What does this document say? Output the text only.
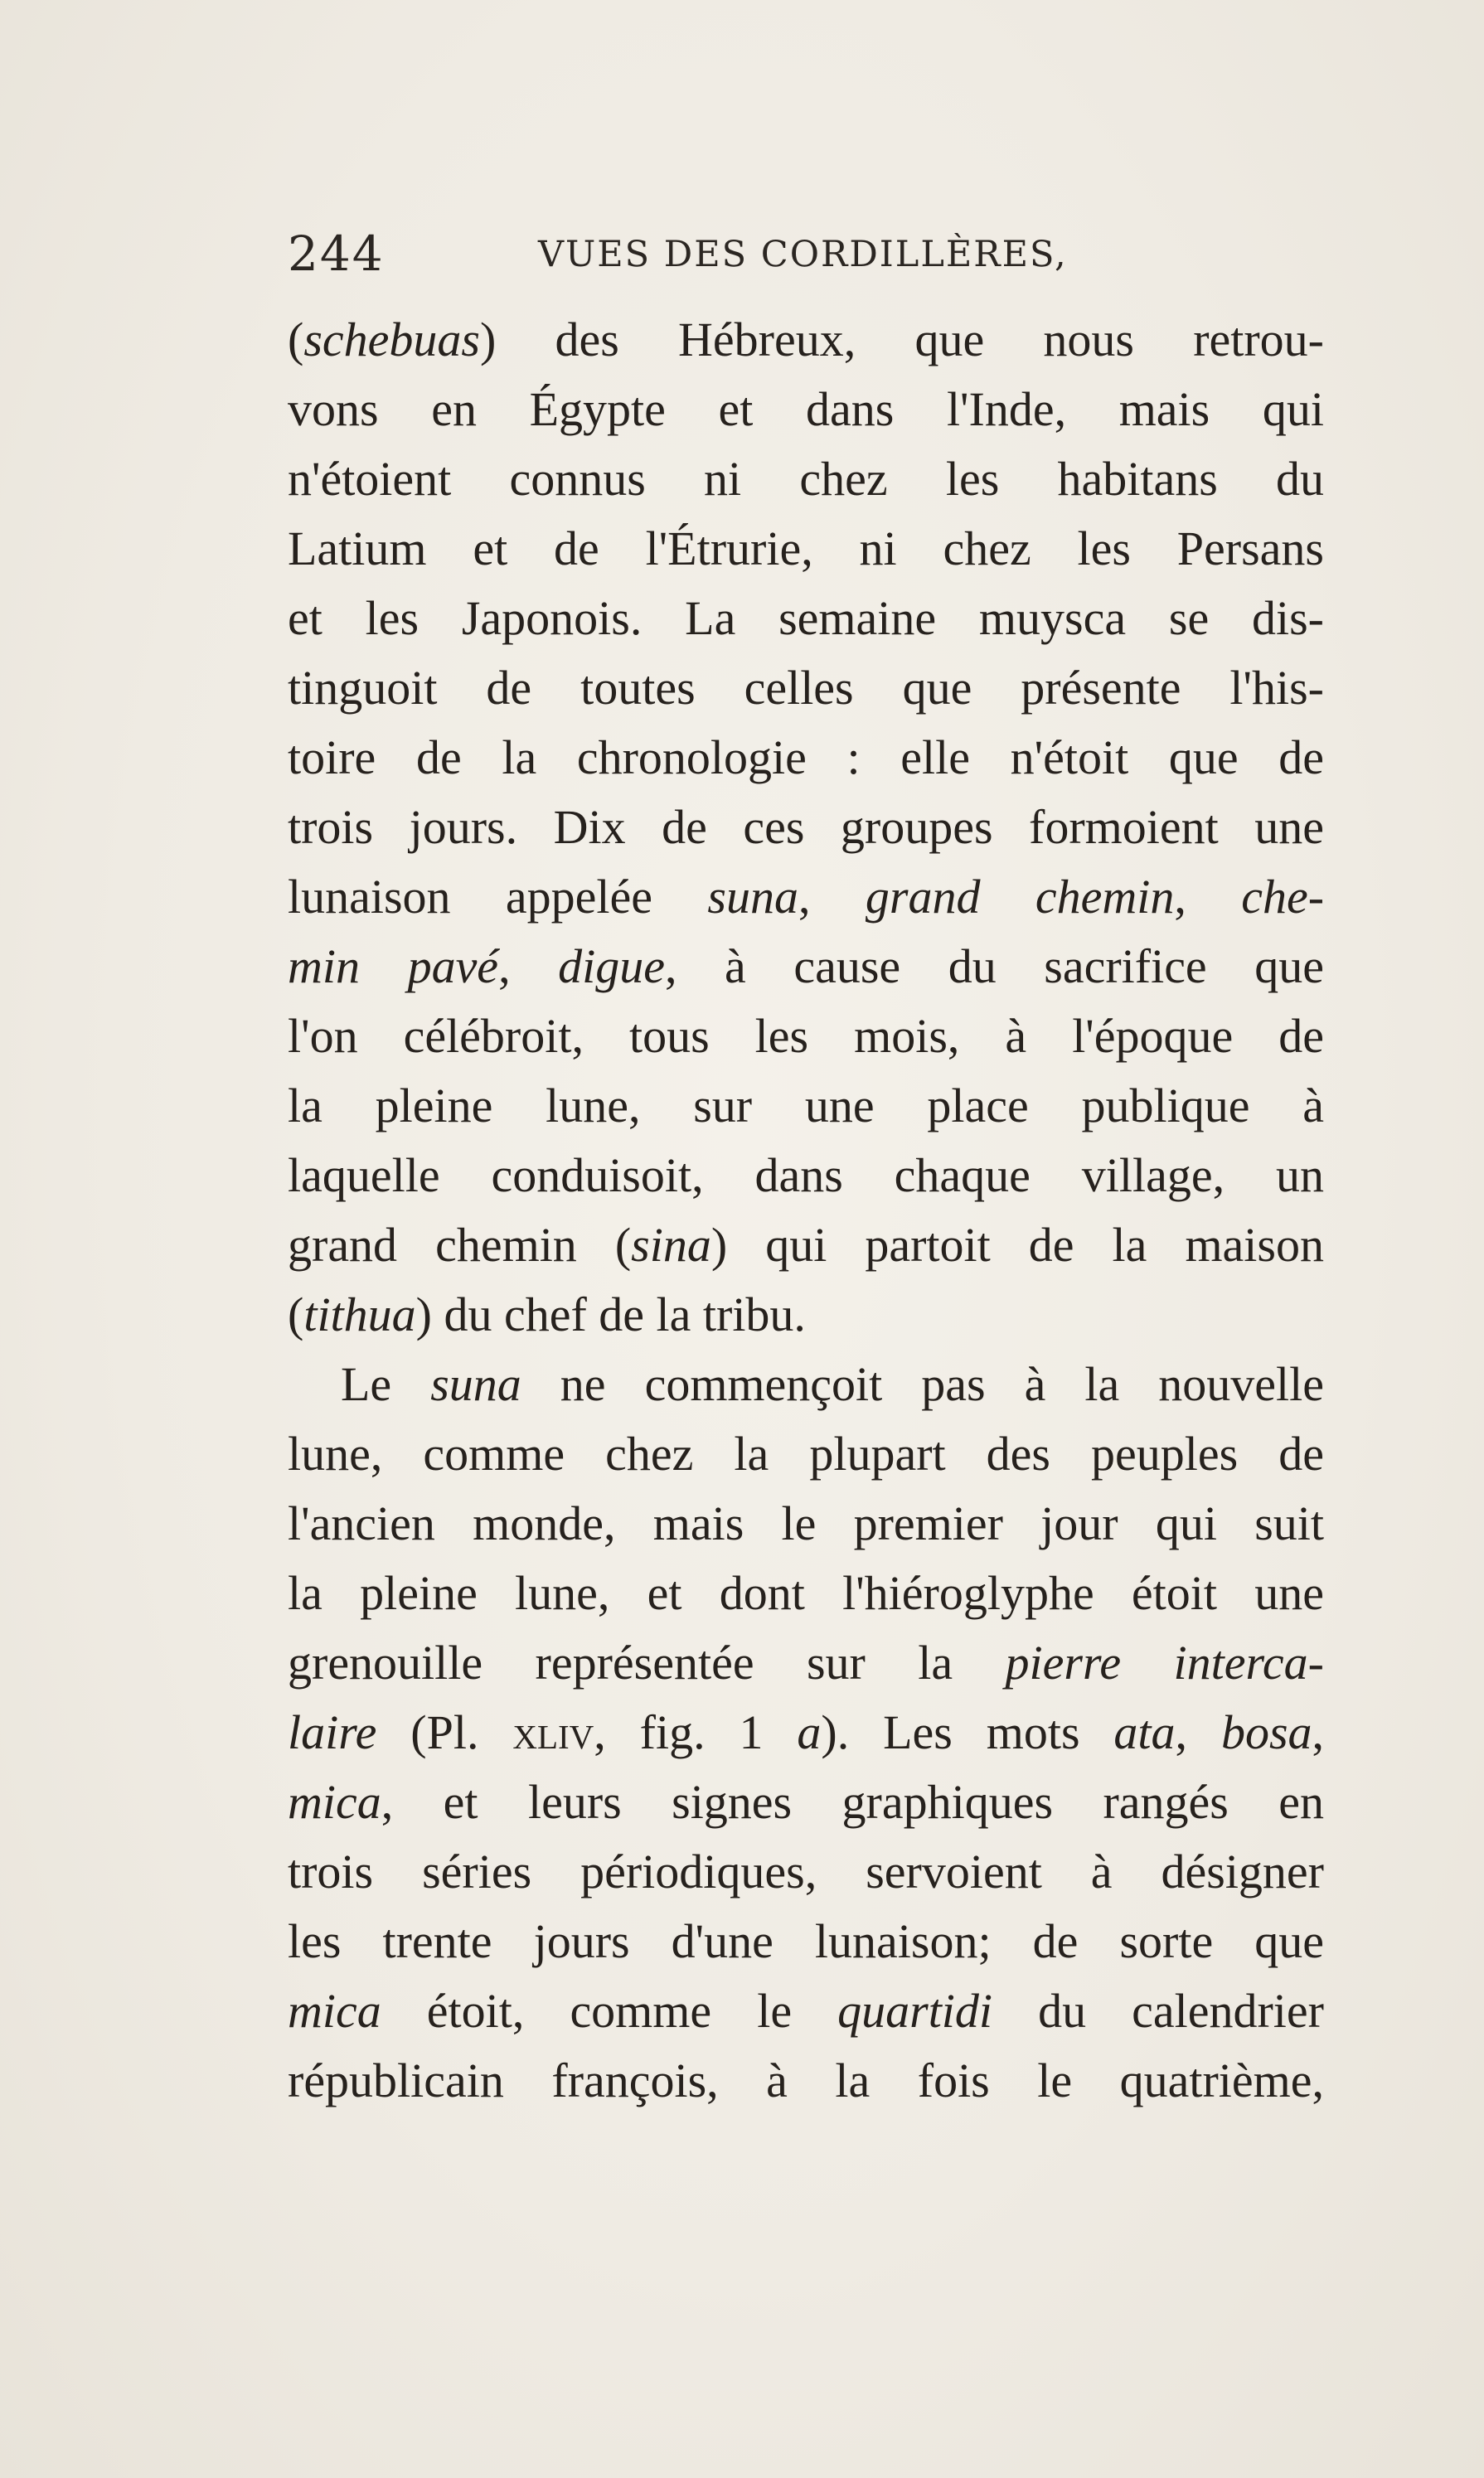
244	VUES DES CORDILLÈRES,
(schebuas) des Hébreux, que nous retrou-
vons en Égypte et dans l'Inde, mais qui
n'étoient connus ni chez les habitans du
Latium et de l'Étrurie, ni chez les Persans
et les Japonois. La semaine muysca se dis-
tinguoit de toutes celles que présente l'his-
toire de la chronologie : elle n'étoit que de
trois jours. Dix de ces groupes formoient une
lunaison appelée suna, grand chemin, che-
min pavé, digue, à cause du sacrifice que
l'on célébroit, tous les mois, à l'époque de
la pleine lune, sur une place publique à
laquelle conduisoit, dans chaque village, un
grand chemin (sina) qui partoit de la maison
(tithua) du chef de la tribu.
Le suna ne commençoit pas à la nouvelle
lune, comme chez la plupart des peuples de
l'ancien monde, mais le premier jour qui suit
la pleine lune, et dont l'hiéroglyphe étoit une
grenouille représentée sur la pierre interca-
laire (Pl. xliv, fig. 1 a). Les mots ata, bosa,
mica, et leurs signes graphiques rangés en
trois séries périodiques, servoient à désigner
les trente jours d'une lunaison; de sorte que
mica étoit, comme le quartidi du calendrier
républicain françois, à la fois le quatrième,
